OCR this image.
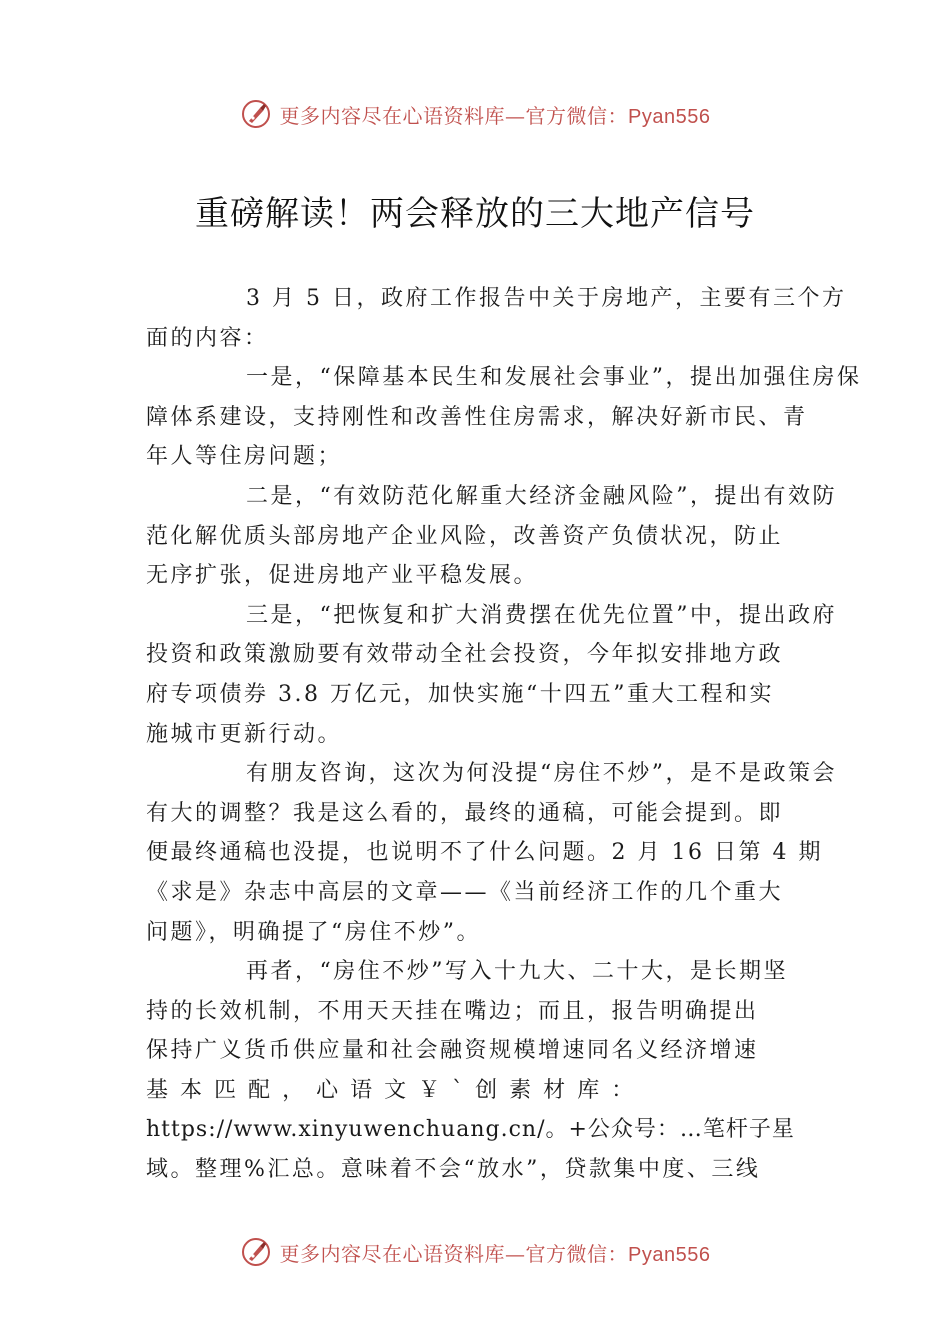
更多内容尽在心语资料库—官方微信：Pyan556
重磅解读！两会释放的三大地产信号

3 月 5 日，政府工作报告中关于房地产，主要有三个方
面的内容：

一是，“保障基本民生和发展社会事业”，提出加强住房保
障体系建设，支持刚性和改善性住房需求，解决好新市民、青
年人等住房问题；

二是，“有效防范化解重大经济金融风险”，提出有效防
范化解优质头部房地产企业风险，改善资产负债状况，防止
无序扩张，促进房地产业平稳发展。

三是，“把恢复和扩大消费摆在优先位置”中，提出政府
投资和政策激励要有效带动全社会投资，今年拟安排地方政
府专项债券 3.8 万亿元，加快实施“十四五”重大工程和实
施城市更新行动。

有朋友咨询，这次为何没提“房住不炒”，是不是政策会
有大的调整？我是这么看的，最终的通稿，可能会提到。即
便最终通稿也没提，也说明不了什么问题。2 月 16 日第 4 期
《求是》杂志中高层的文章——《当前经济工作的几个重大
问题》，明确提了“房住不炒”。

再者，“房住不炒”写入十九大、二十大，是长期坚
持的长效机制，不用天天挂在嘴边；而且，报告明确提出
保持广义货币供应量和社会融资规模增速同名义经济增速
基 本 匹 配 ， 心 语 文 ￥ ` 创 素 材 库 ：
https://www.xinyuwenchuang.cn/。+公众号：…笔杆子星
域。整理%汇总。意味着不会“放水”，贷款集中度、三线

更多内容尽在心语资料库—官方微信：Pyan556
